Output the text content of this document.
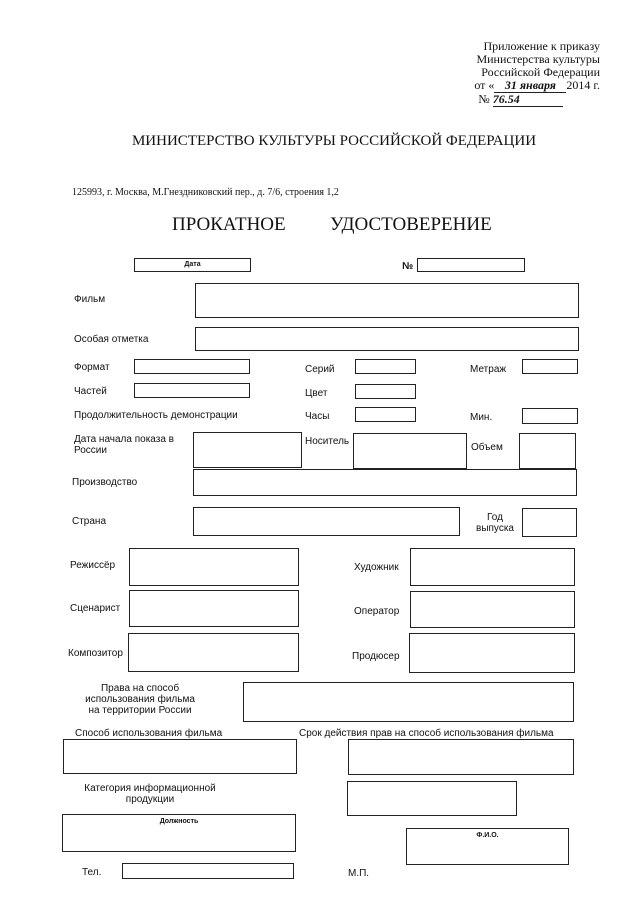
Приложение к приказу
Министерства культуры
Российской Федерации
от « 31 января 2014 г.
№ 76.54
МИНИСТЕРСТВО КУЛЬТУРЫ РОССИЙСКОЙ ФЕДЕРАЦИИ
125993, г. Москва, М.Гнездниковский пер., д. 7/6, строения 1,2
ПРОКАТНОЕ УДОСТОВЕРЕНИЕ
Дата	№
Фильм
Особая отметка
Формат	Серий	Метраж
Частей	Цвет
Продолжительность демонстрации	Часы	Мин.
Дата начала показа в
России
Носитель
Объем
Производство
Страна	Год
выпуска
Режиссёр	Художник
Сценарист	Оператор
Композитор	Продюсер
Права на способ
использования фильма
на территории России
Способ использования фильма	Срок действия прав на способ использования фильма
Категория информационной
продукции
Должность
Ф.И.О.
Тел.	М.П.
